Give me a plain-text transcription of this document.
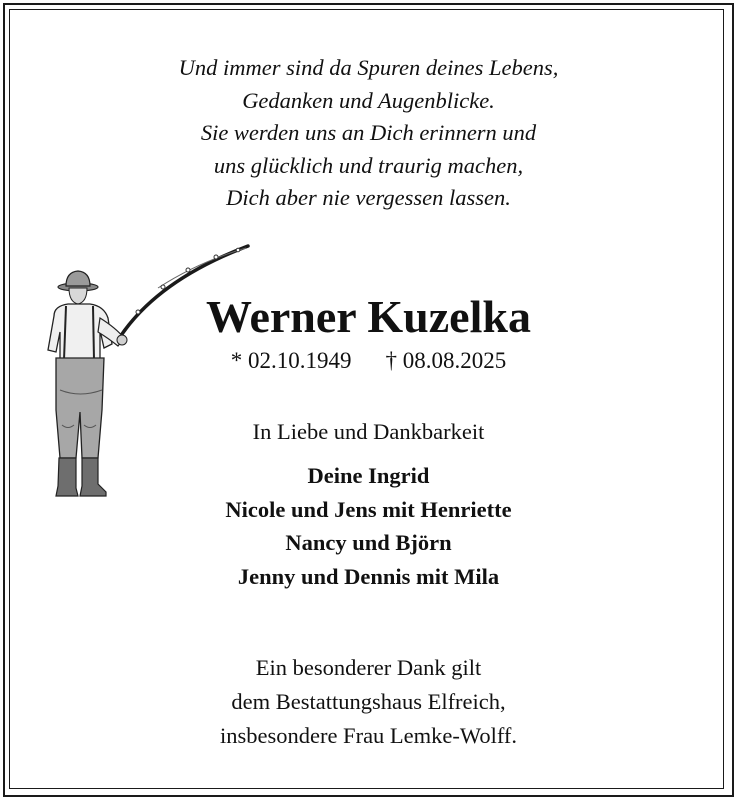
Und immer sind da Spuren deines Lebens,
Gedanken und Augenblicke.
Sie werden uns an Dich erinnern und
uns glücklich und traurig machen,
Dich aber nie vergessen lassen.
Werner Kuzelka
* 02.10.1949 † 08.08.2025
In Liebe und Dankbarkeit
Deine Ingrid
Nicole und Jens mit Henriette
Nancy und Björn
Jenny und Dennis mit Mila
Ein besonderer Dank gilt
dem Bestattungshaus Elfreich,
insbesondere Frau Lemke-Wolff.
